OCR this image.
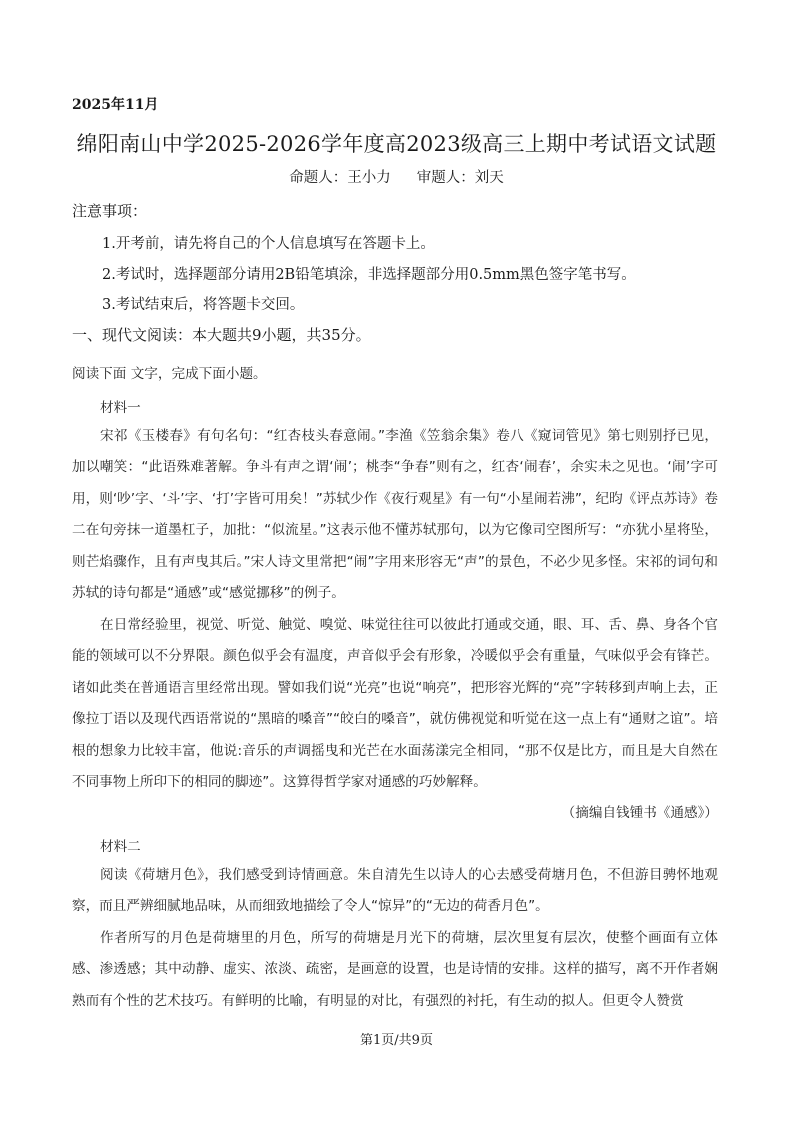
2025年11月
绵阳南山中学2025-2026学年度高2023级高三上期中考试语文试题
命题人：王小力 审题人：刘天
注意事项：
1.开考前，请先将自己的个人信息填写在答题卡上。
2.考试时，选择题部分请用2B铅笔填涂，非选择题部分用0.5mm黑色签字笔书写。
3.考试结束后，将答题卡交回。
一、现代文阅读：本大题共9小题，共35分。
阅读下面 文字，完成下面小题。
材料一
宋祁《玉楼春》有句名句：“红杏枝头春意闹。”李渔《笠翁余集》卷八《窥词管见》第七则别抒已见，加以嘲笑：“此语殊难著解。争斗有声之谓‘闹’；桃李“争春”则有之，红杏‘闹春’，余实未之见也。‘闹’字可用，则‘吵’字、‘斗’字、‘打’字皆可用矣！”苏轼少作《夜行观星》有一句“小星闹若沸”，纪昀《评点苏诗》卷二在句旁抹一道墨杠子，加批：“似流星。”这表示他不懂苏轼那句，以为它像司空图所写：“亦犹小星将坠，则芒焰骤作，且有声曳其后。”宋人诗文里常把“闹”字用来形容无“声”的景色，不必少见多怪。宋祁的词句和苏轼的诗句都是“通感”或“感觉挪移”的例子。
在日常经验里，视觉、听觉、触觉、嗅觉、味觉往往可以彼此打通或交通，眼、耳、舌、鼻、身各个官能的领域可以不分界限。颜色似乎会有温度，声音似乎会有形象，冷暖似乎会有重量，气味似乎会有锋芒。诸如此类在普通语言里经常出现。譬如我们说“光亮”也说“响亮”，把形容光辉的“亮”字转移到声响上去，正像拉丁语以及现代西语常说的“黑暗的嗓音”“皎白的嗓音”，就仿佛视觉和听觉在这一点上有“通财之谊”。培根的想象力比较丰富，他说:音乐的声调摇曳和光芒在水面荡漾完全相同，“那不仅是比方，而且是大自然在不同事物上所印下的相同的脚迹”。这算得哲学家对通感的巧妙解释。
（摘编自钱锺书《通感》）
材料二
阅读《荷塘月色》，我们感受到诗情画意。朱自清先生以诗人的心去感受荷塘月色，不但游目骋怀地观察，而且严辨细腻地品味，从而细致地描绘了令人“惊异”的“无边的荷香月色”。
作者所写的月色是荷塘里的月色，所写的荷塘是月光下的荷塘，层次里复有层次，使整个画面有立体感、渗透感；其中动静、虚实、浓淡、疏密，是画意的设置，也是诗情的安排。这样的描写，离不开作者娴熟而有个性的艺术技巧。有鲜明的比喻，有明显的对比，有强烈的衬托，有生动的拟人。但更令人赞赏
第1页/共9页
